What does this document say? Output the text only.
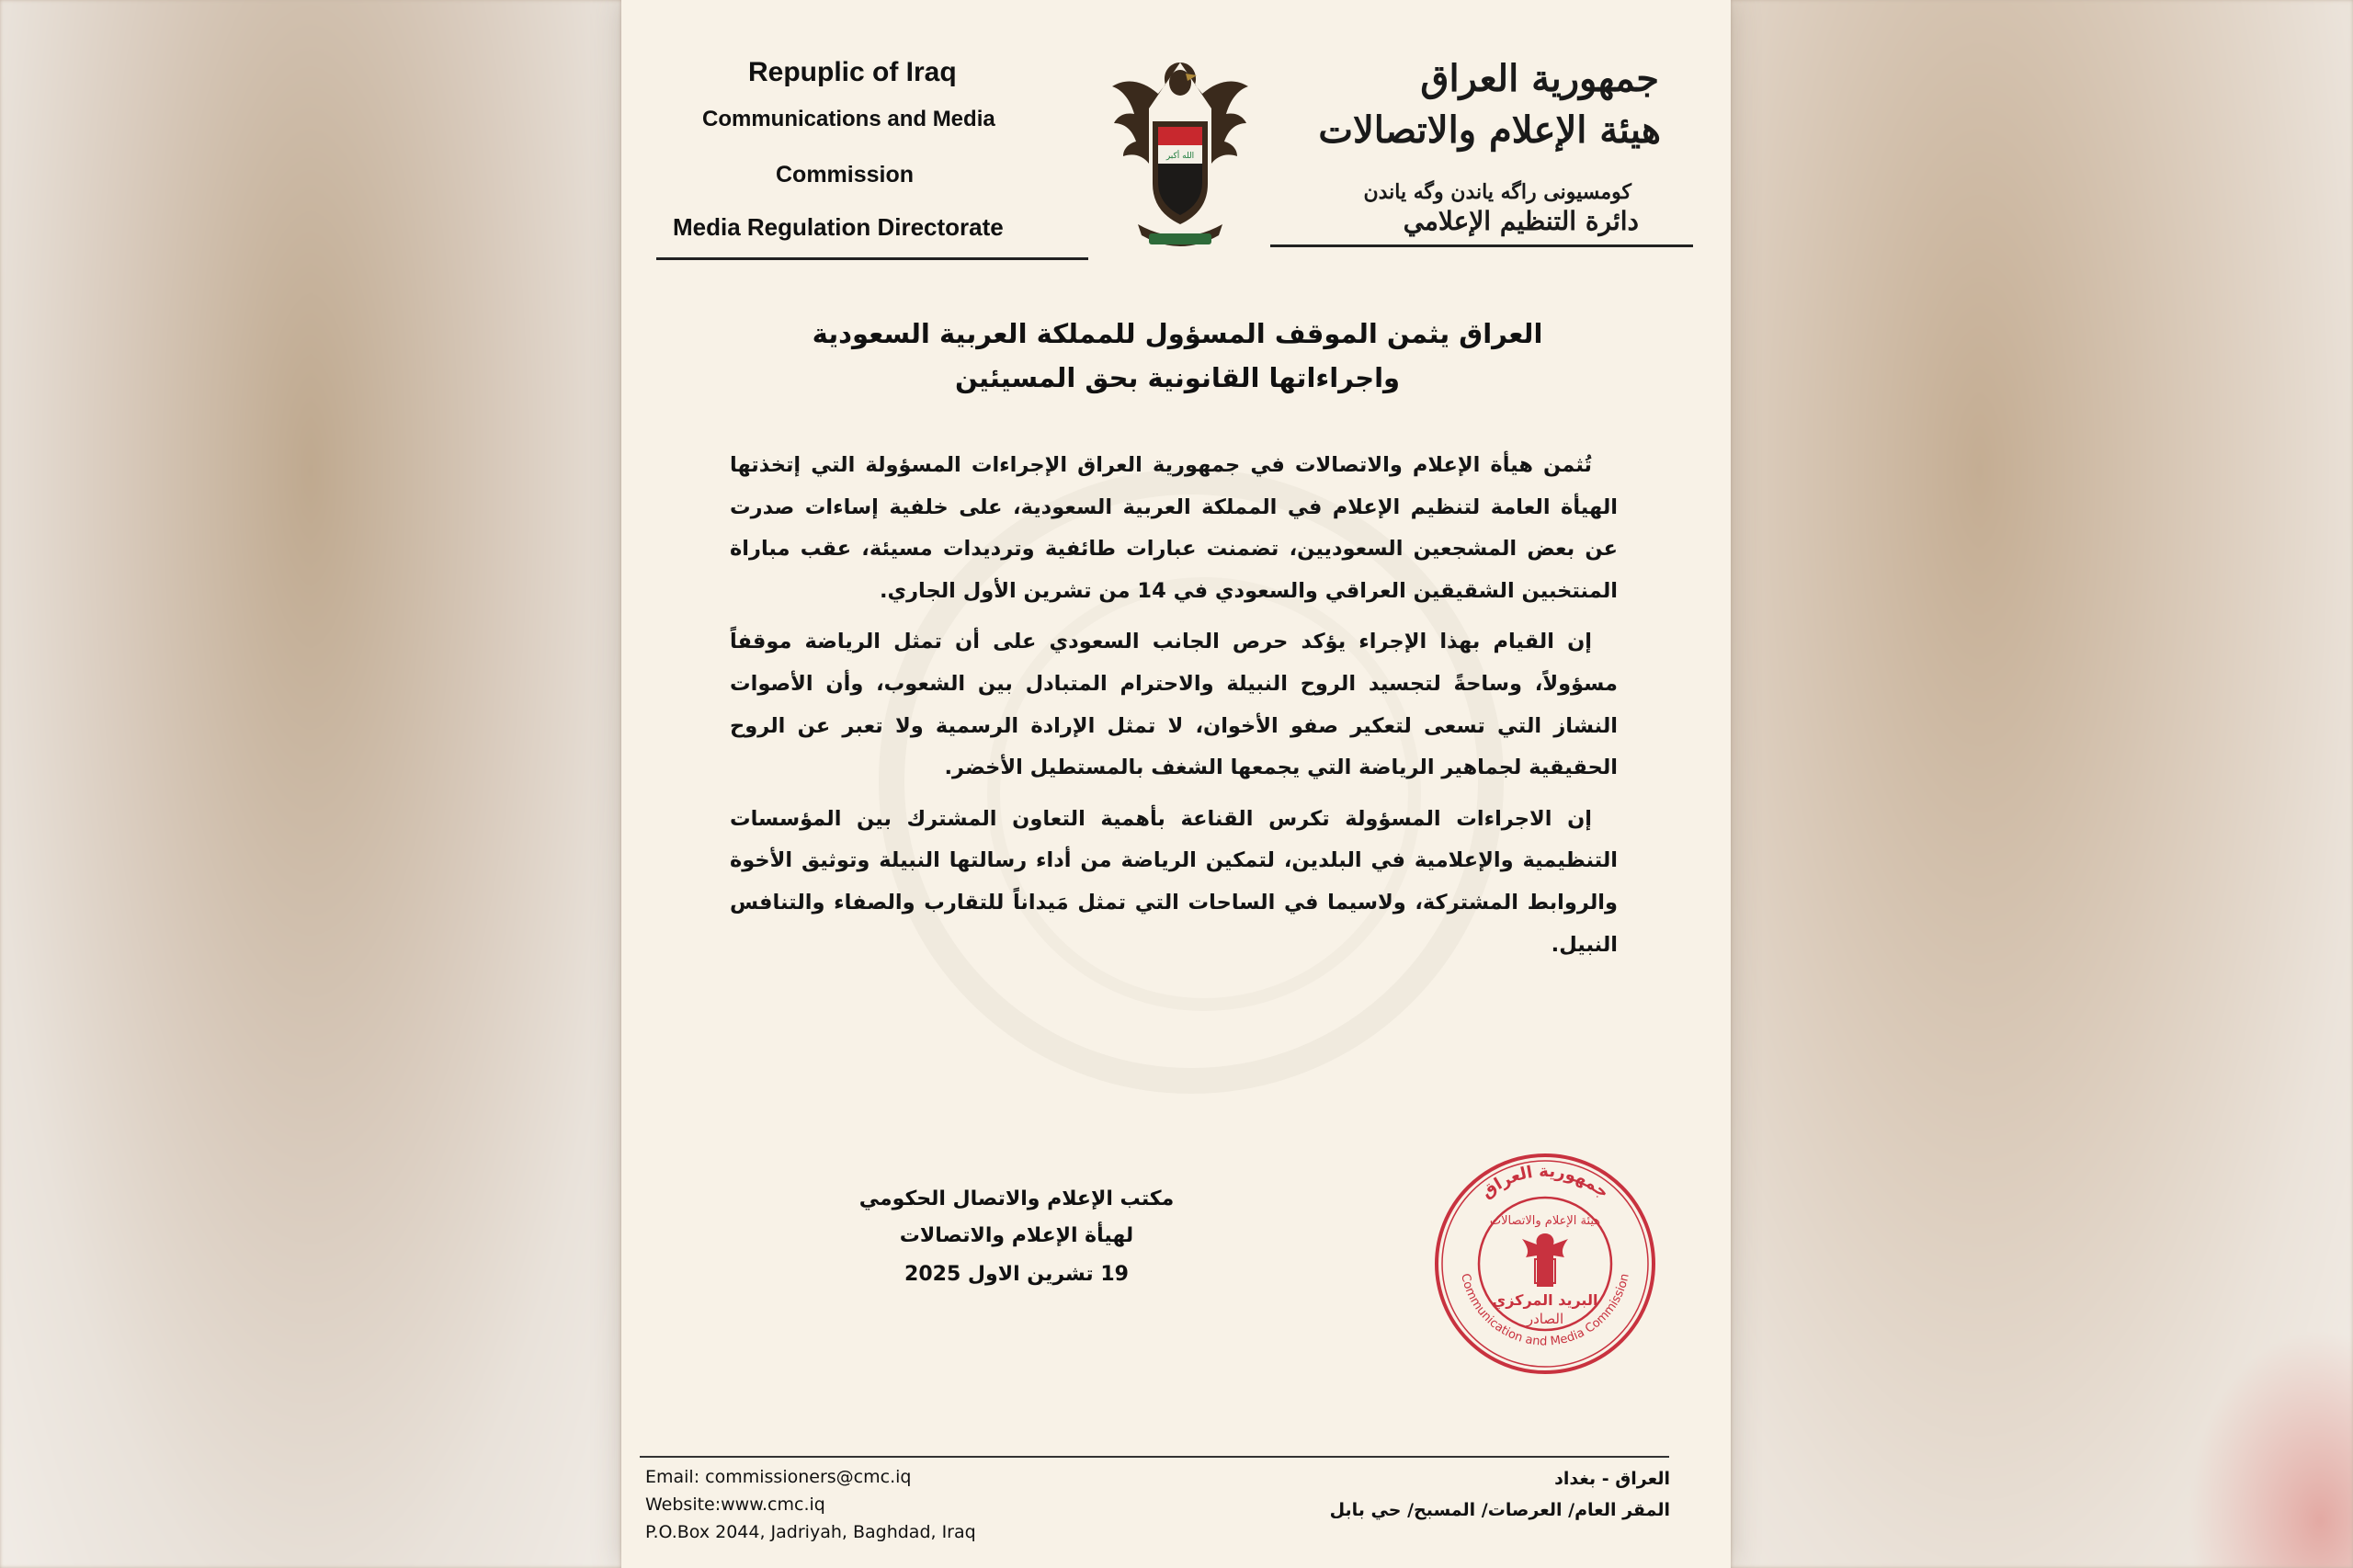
Repuplic of Iraq
Communications and Media
Commission
Media Regulation Directorate
الله أكبر
جمهورية العراق
هيئة الإعلام والاتصالات
كومسيونى راگه ياندن وگه ياندن
دائرة التنظيم الإعلامي
العراق يثمن الموقف المسؤول للمملكة العربية السعودية
واجراءاتها القانونية بحق المسيئين

تُثمن هيأة الإعلام والاتصالات في جمهورية العراق الإجراءات المسؤولة التي إتخذتها الهيأة العامة لتنظيم الإعلام في المملكة العربية السعودية، على خلفية إساءات صدرت عن بعض المشجعين السعوديين، تضمنت عبارات طائفية وترديدات مسيئة، عقب مباراة المنتخبين الشقيقين العراقي والسعودي في 14 من تشرين الأول الجاري.

إن القيام بهذا الإجراء يؤكد حرص الجانب السعودي على أن تمثل الرياضة موقفاً مسؤولاً، وساحةً لتجسيد الروح النبيلة والاحترام المتبادل بين الشعوب، وأن الأصوات النشاز التي تسعى لتعكير صفو الأخوان، لا تمثل الإرادة الرسمية ولا تعبر عن الروح الحقيقية لجماهير الرياضة التي يجمعها الشغف بالمستطيل الأخضر.

إن الاجراءات المسؤولة تكرس القناعة بأهمية التعاون المشترك بين المؤسسات التنظيمية والإعلامية في البلدين، لتمكين الرياضة من أداء رسالتها النبيلة وتوثيق الأخوة والروابط المشتركة، ولاسيما في الساحات التي تمثل مَيداناً للتقارب والصفاء والتنافس النبيل.

مكتب الإعلام والاتصال الحكومي
لهيأة الإعلام والاتصالات
19 تشرين الاول 2025
جمهورية العراق
Communication and Media Commission
هيئة الإعلام والاتصالات
البريد المركزي
الصادر
Email: commissioners@cmc.iq
Website:www.cmc.iq
P.O.Box 2044, Jadriyah, Baghdad, Iraq
العراق - بغداد
المقر العام/ العرصات/ المسبح/ حي بابل
